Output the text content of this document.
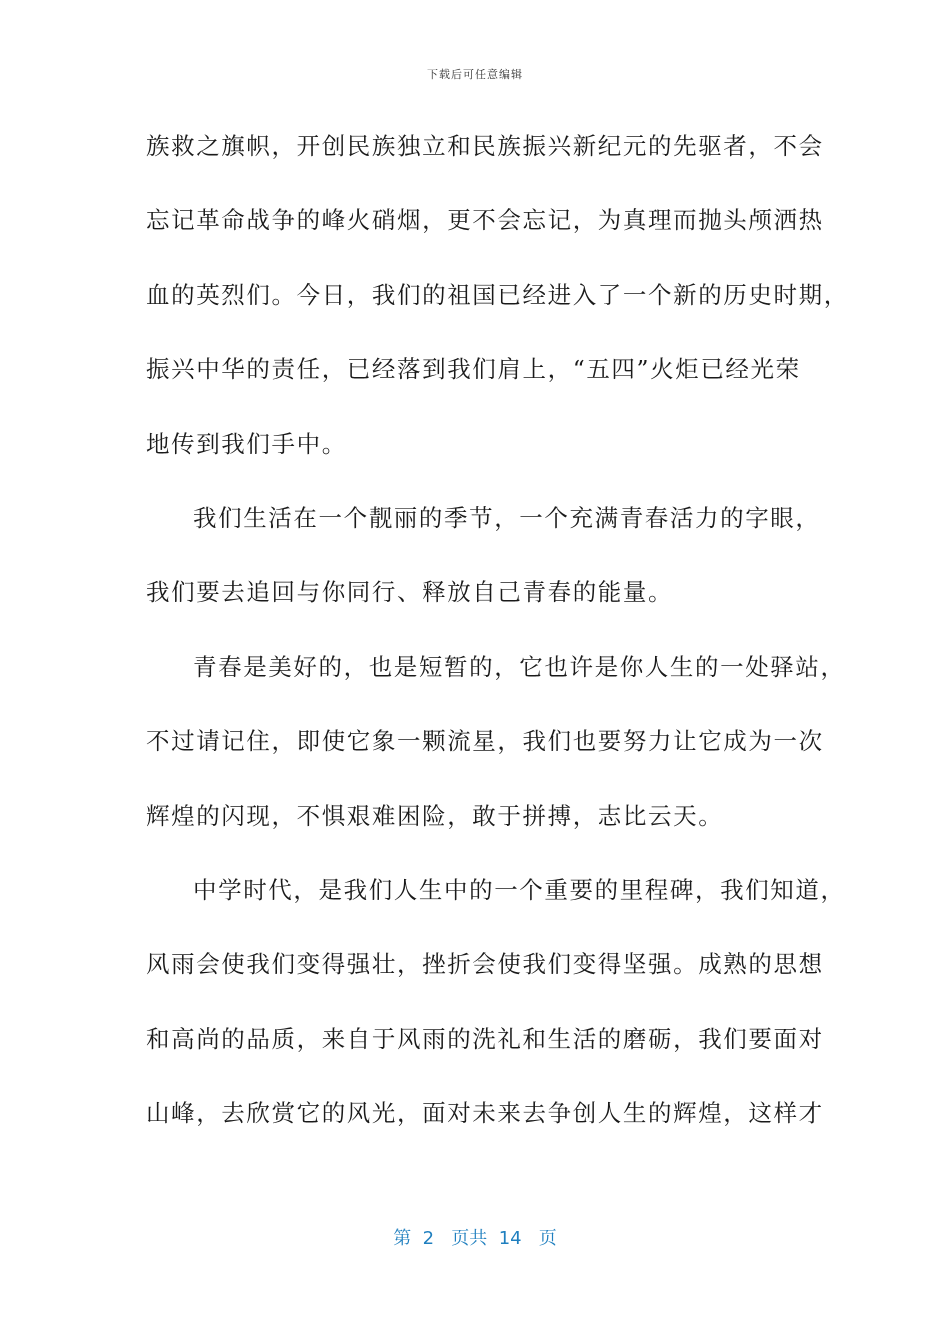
下载后可任意编辑
族救之旗帜，开创民族独立和民族振兴新纪元的先驱者，不会
忘记革命战争的峰火硝烟，更不会忘记，为真理而抛头颅洒热
血的英烈们。今日，我们的祖国已经进入了一个新的历史时期，
振兴中华的责任，已经落到我们肩上，“五四”火炬已经光荣
地传到我们手中。
我们生活在一个靓丽的季节，一个充满青春活力的字眼，
我们要去追回与你同行、释放自己青春的能量。
青春是美好的，也是短暂的，它也许是你人生的一处驿站，
不过请记住，即使它象一颗流星，我们也要努力让它成为一次
辉煌的闪现，不惧艰难困险，敢于拼搏，志比云天。
中学时代，是我们人生中的一个重要的里程碑，我们知道，
风雨会使我们变得强壮，挫折会使我们变得坚强。成熟的思想
和高尚的品质，来自于风雨的洗礼和生活的磨砺，我们要面对
山峰，去欣赏它的风光，面对未来去争创人生的辉煌，这样才
第  2   页共  14   页
